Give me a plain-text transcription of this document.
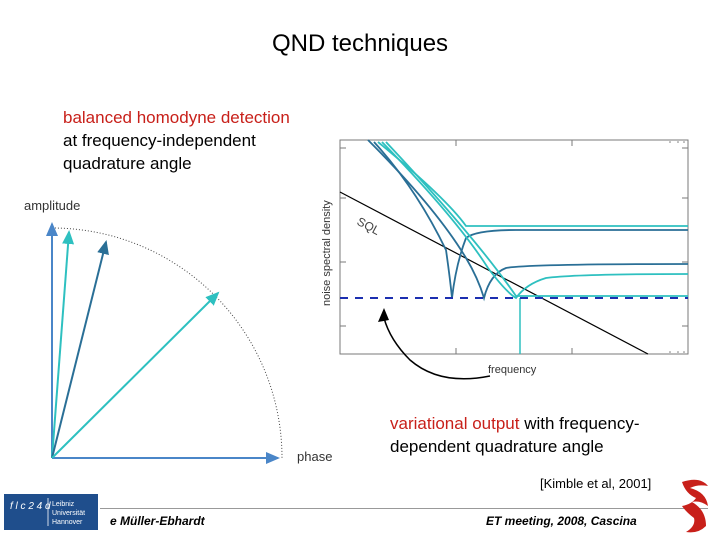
QND techniques
balanced homodyne detection
at frequency-independent
quadrature angle
amplitude
phase
SQL
noise spectral density
frequency
variational output with frequency-
dependent quadrature angle
[Kimble et al, 2001]
f l c 2 4 d Leibniz
Universität
Hannover e Müller-Ebhardt	ET meeting, 2008, Cascina
